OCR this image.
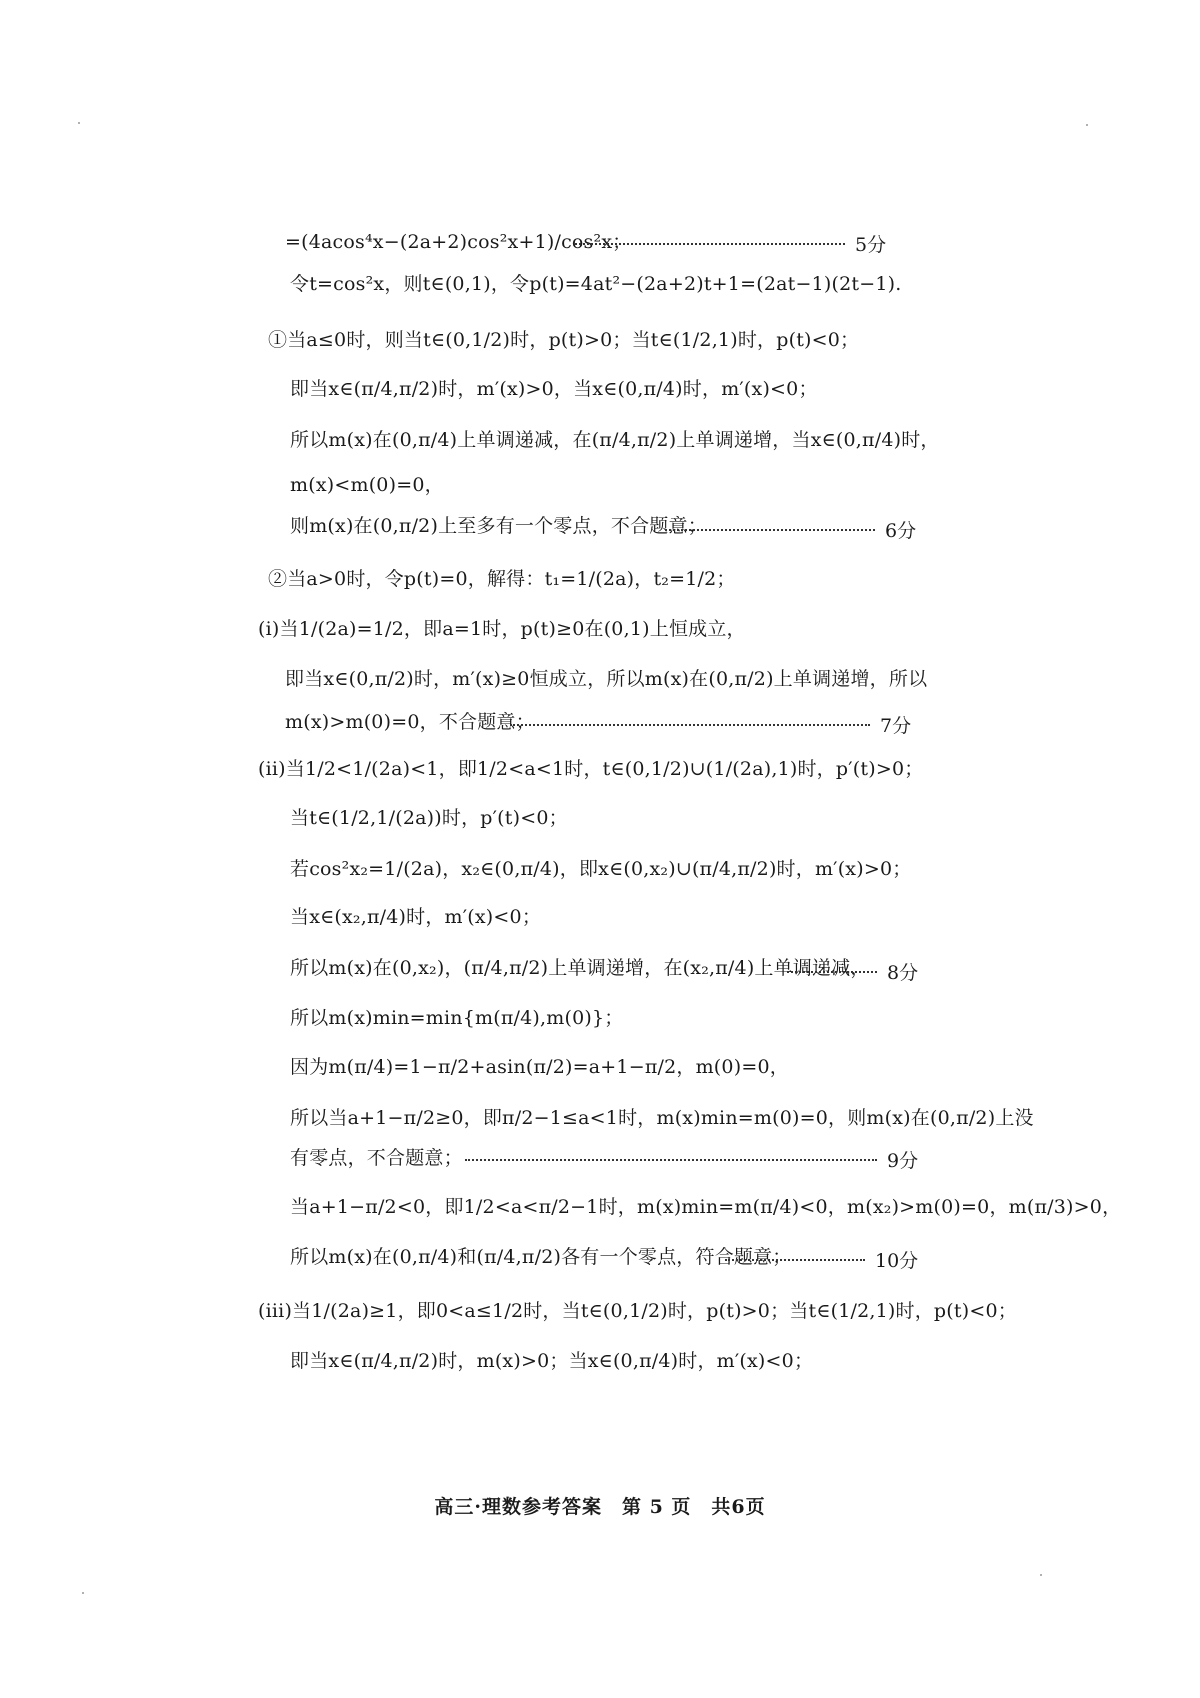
=(4acos⁴x−(2a+2)cos²x+1)/cos²x；	5分
令t=cos²x，则t∈(0,1)，令p(t)=4at²−(2a+2)t+1=(2at−1)(2t−1).
①当a≤0时，则当t∈(0,1/2)时，p(t)>0；当t∈(1/2,1)时，p(t)<0；
即当x∈(π/4,π/2)时，m′(x)>0，当x∈(0,π/4)时，m′(x)<0；
所以m(x)在(0,π/4)上单调递减，在(π/4,π/2)上单调递增，当x∈(0,π/4)时，
m(x)<m(0)=0，
则m(x)在(0,π/2)上至多有一个零点，不合题意；	6分
②当a>0时，令p(t)=0，解得：t₁=1/(2a)，t₂=1/2；
(i)当1/(2a)=1/2，即a=1时，p(t)≥0在(0,1)上恒成立，
即当x∈(0,π/2)时，m′(x)≥0恒成立，所以m(x)在(0,π/2)上单调递增，所以
m(x)>m(0)=0，不合题意；	7分
(ii)当1/2<1/(2a)<1，即1/2<a<1时，t∈(0,1/2)∪(1/(2a),1)时，p′(t)>0；
当t∈(1/2,1/(2a))时，p′(t)<0；
若cos²x₂=1/(2a)，x₂∈(0,π/4)，即x∈(0,x₂)∪(π/4,π/2)时，m′(x)>0；
当x∈(x₂,π/4)时，m′(x)<0；
所以m(x)在(0,x₂)，(π/4,π/2)上单调递增，在(x₂,π/4)上单调递减， 8分
所以m(x)min=min{m(π/4),m(0)}；
因为m(π/4)=1−π/2+asin(π/2)=a+1−π/2，m(0)=0，
所以当a+1−π/2≥0，即π/2−1≤a<1时，m(x)min=m(0)=0，则m(x)在(0,π/2)上没
有零点，不合题意；	9分
当a+1−π/2<0，即1/2<a<π/2−1时，m(x)min=m(π/4)<0，m(x₂)>m(0)=0，m(π/3)>0，
所以m(x)在(0,π/4)和(π/4,π/2)各有一个零点，符合题意；	10分
(iii)当1/(2a)≥1，即0<a≤1/2时，当t∈(0,1/2)时，p(t)>0；当t∈(1/2,1)时，p(t)<0；
即当x∈(π/4,π/2)时，m(x)>0；当x∈(0,π/4)时，m′(x)<0；
高三·理数参考答案　第 5 页　共6页
